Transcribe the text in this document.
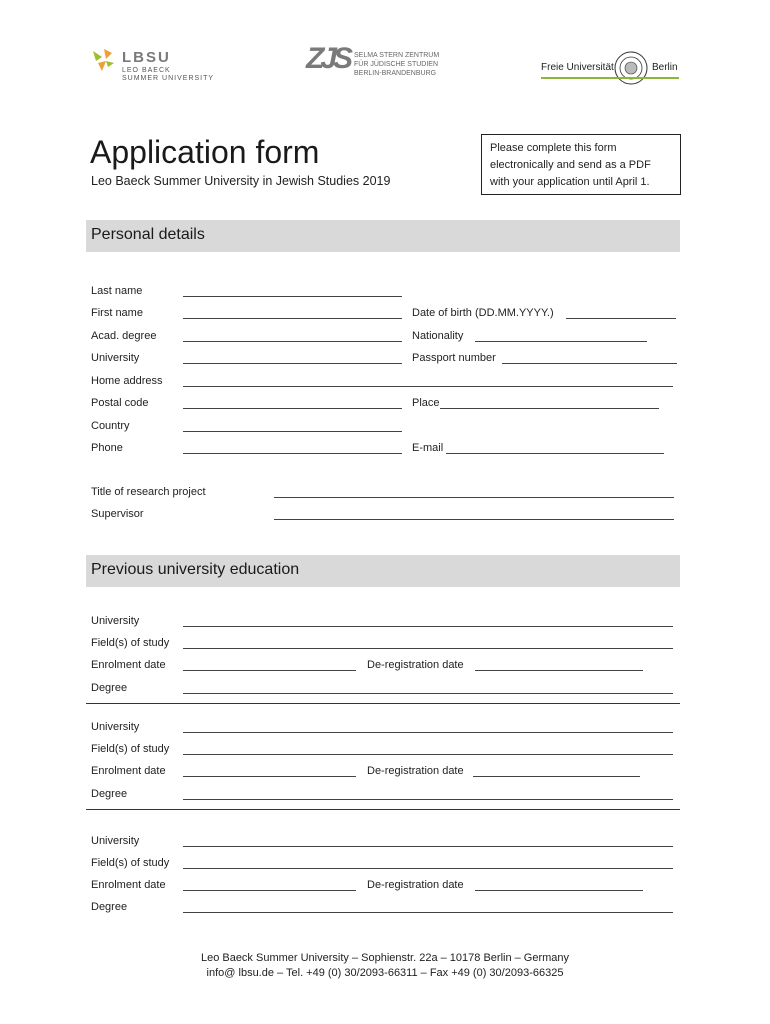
LBSU
LEO BAECK
SUMMER UNIVERSITY
ZJS SELMA STERN ZENTRUM
FÜR JÜDISCHE STUDIEN
BERLIN-BRANDENBURG
Freie Universität	Berlin
Application form
Leo Baeck Summer University in Jewish Studies 2019
Please complete this form
electronically and send as a PDF
with your application until April 1.
Personal details
Last name
First name	Date of birth (DD.MM.YYYY.)
Acad. degree	Nationality
University	Passport number
Home address
Postal code	Place
Country
Phone	E-mail
Title of research project
Supervisor
Previous university education
University
Field(s) of study
Enrolment date	De-registration date
Degree
University
Field(s) of study
Enrolment date	De-registration date
Degree
University
Field(s) of study
Enrolment date	De-registration date
Degree
Leo Baeck Summer University – Sophienstr. 22a – 10178 Berlin – Germany
info@ lbsu.de – Tel. +49 (0) 30/2093-66311 – Fax +49 (0) 30/2093-66325
